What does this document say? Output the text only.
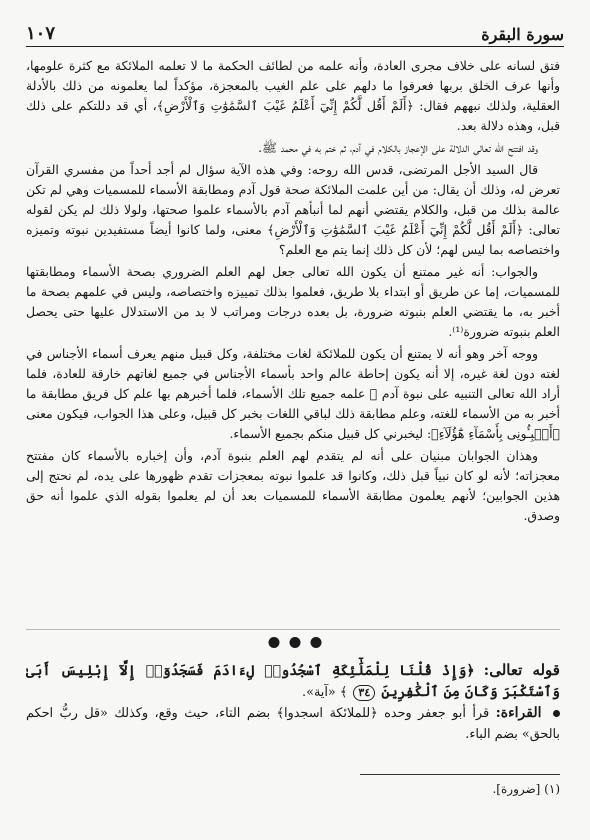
سورة البقرة
١٠٧

فتق لسانه على خلاف مجرى العادة، وأنه علمه من لطائف الحكمة ما لا تعلمه الملائكة مع كثرة علومها، وأنها عرف الخلق بربها فعرفوا ما دلهم على علم الغيب بالمعجزة، مؤكداً لما يعلمونه من ذلك بالأدلة العقلية، ولذلك نبههم فقال: ﴿أَلَمْ أَقُل لَّكُمْ إِنِّيٓ أَعْلَمُ غَيْبَ ٱلسَّمَٰوَٰتِ وَٱلْأَرْضِ﴾، أي قد دللتكم على ذلك قبل، وهذه دلالة بعد.

وقد افتتح الله تعالى الدلالة على الإعجاز بالكلام في آدم، ثم ختم به في محمد ﷺ.

قال السيد الأجل المرتضى، قدس الله روحه: وفي هذه الآية سؤال لم أجد أحداً من مفسري القرآن تعرض له، وذلك أن يقال: من أين علمت الملائكة صحة قول آدم ومطابقة الأسماء للمسميات وهي لم تكن عالمة بذلك من قبل، والكلام يقتضي أنهم لما أنبأهم آدم بالأسماء علموا صحتها، ولولا ذلك لم يكن لقوله تعالى: ﴿أَلَمْ أَقُل لَّكُمْ إِنِّيٓ أَعْلَمُ غَيْبَ ٱلسَّمَٰوَٰتِ وَٱلْأَرْضِ﴾ معنى، ولما كانوا أيضاً مستفيدين نبوته وتميزه واختصاصه بما ليس لهم؛ لأن كل ذلك إنما يتم مع العلم؟

والجواب: أنه غير ممتنع أن يكون الله تعالى جعل لهم العلم الضروري بصحة الأسماء ومطابقتها للمسميات، إما عن طريق أو ابتداء بلا طريق، فعلموا بذلك تمييزه واختصاصه، وليس في علمهم بصحة ما أخبر به، ما يقتضي العلم بنبوته ضرورة، بل بعده درجات ومراتب لا بد من الاستدلال عليها حتى يحصل العلم بنبوته ضرورة⁽¹⁾.

ووجه آخر وهو أنه لا يمتنع أن يكون للملائكة لغات مختلفة، وكل قبيل منهم يعرف أسماء الأجناس في لغته دون لغة غيره، إلا أنه يكون إحاطة عالم واحد بأسماء الأجناس في جميع لغاتهم خارقة للعادة، فلما أراد الله تعالى التنبيه على نبوة آدم ﷺ علمه جميع تلك الأسماء، فلما أخبرهم بها علم كل فريق مطابقة ما أخبر به من الأسماء للغته، وعلم مطابقة ذلك لباقي اللغات بخبر كل قبيل، وعلى هذا الجواب، فيكون معنى ﴿أَنۢبِـُٔونِى بِأَسْمَآءِ هَٰٓؤُلَآءِ﴾: ليخبرني كل قبيل منكم بجميع الأسماء.

وهذان الجوابان مبنيان على أنه لم يتقدم لهم العلم بنبوة آدم، وأن إخباره بالأسماء كان مفتتح معجزاته؛ لأنه لو كان نبياً قبل ذلك، وكانوا قد علموا نبوته بمعجزات تقدم ظهورها على يده، لم نحتج إلى هذين الجوابين؛ لأنهم يعلمون مطابقة الأسماء للمسميات بعد أن لم يعلموا بقوله الذي علموا أنه حق وصدق.

قوله تعالى: ﴿وَإِذْ قُلْنَا لِلْمَلَٰٓئِكَةِ ٱسْجُدُوا۟ لِءَادَمَ فَسَجَدُوٓا۟ إِلَّآ إِبْلِيسَ أَبَىٰ وَٱسْتَكْبَرَ وَكَانَ مِنَ ٱلْكَٰفِرِينَ ٣٤ ﴾ «آية».
القراءة: قرأ أبو جعفر وحده ﴿للملائكة اسجدوا﴾ بضم التاء، حيث وقع، وكذلك «قل ربُّ احكم بالحق» بضم الباء.
(١) [ضرورة].
